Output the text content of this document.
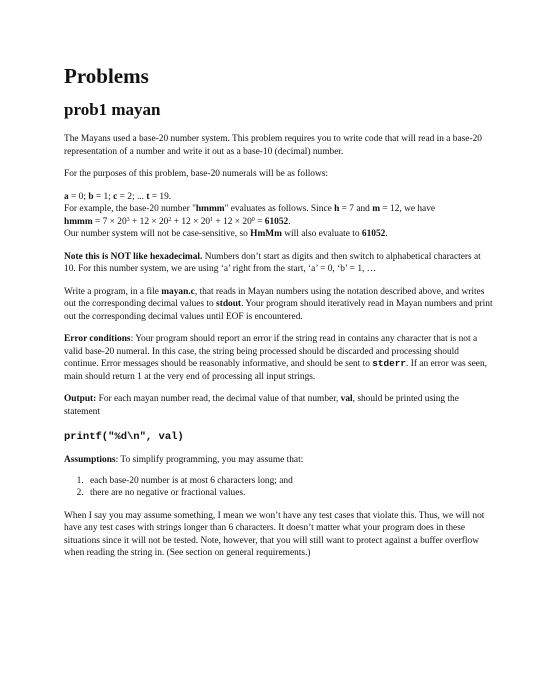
Problems
prob1 mayan

The Mayans used a base-20 number system. This problem requires you to write code that will read in a base-20 representation of a number and write it out as a base-10 (decimal) number.

For the purposes of this problem, base-20 numerals will be as follows:

a = 0; b = 1; c = 2; ... t = 19.
For example, the base-20 number "hmmm" evaluates as follows. Since h = 7 and m = 12, we have
hmmm = $7 \times 20^3 + 12 \times 20^2 + 12 \times 20^1 + 12 \times 20^0 = 61052$.
Our number system will not be case-sensitive, so HmMm will also evaluate to 61052.

Note this is NOT like hexadecimal. Numbers don’t start as digits and then switch to alphabetical characters at 10. For this number system, we are using ‘a’ right from the start, ‘a’ = 0, ‘b’ = 1, …

Write a program, in a file mayan.c, that reads in Mayan numbers using the notation described above, and writes out the corresponding decimal values to stdout. Your program should iteratively read in Mayan numbers and print out the corresponding decimal values until EOF is encountered.

Error conditions: Your program should report an error if the string read in contains any character that is not a valid base-20 numeral. In this case, the string being processed should be discarded and processing should continue. Error messages should be reasonably informative, and should be sent to stderr. If an error was seen, main should return 1 at the very end of processing all input strings.

Output: For each mayan number read, the decimal value of that number, val, should be printed using the statement

printf("%d\n", val)

Assumptions: To simplify programming, you may assume that:

1. each base-20 number is at most 6 characters long; and
2. there are no negative or fractional values.

When I say you may assume something, I mean we won’t have any test cases that violate this. Thus, we will not have any test cases with strings longer than 6 characters. It doesn’t matter what your program does in these situations since it will not be tested. Note, however, that you will still want to protect against a buffer overflow when reading the string in. (See section on general requirements.)
